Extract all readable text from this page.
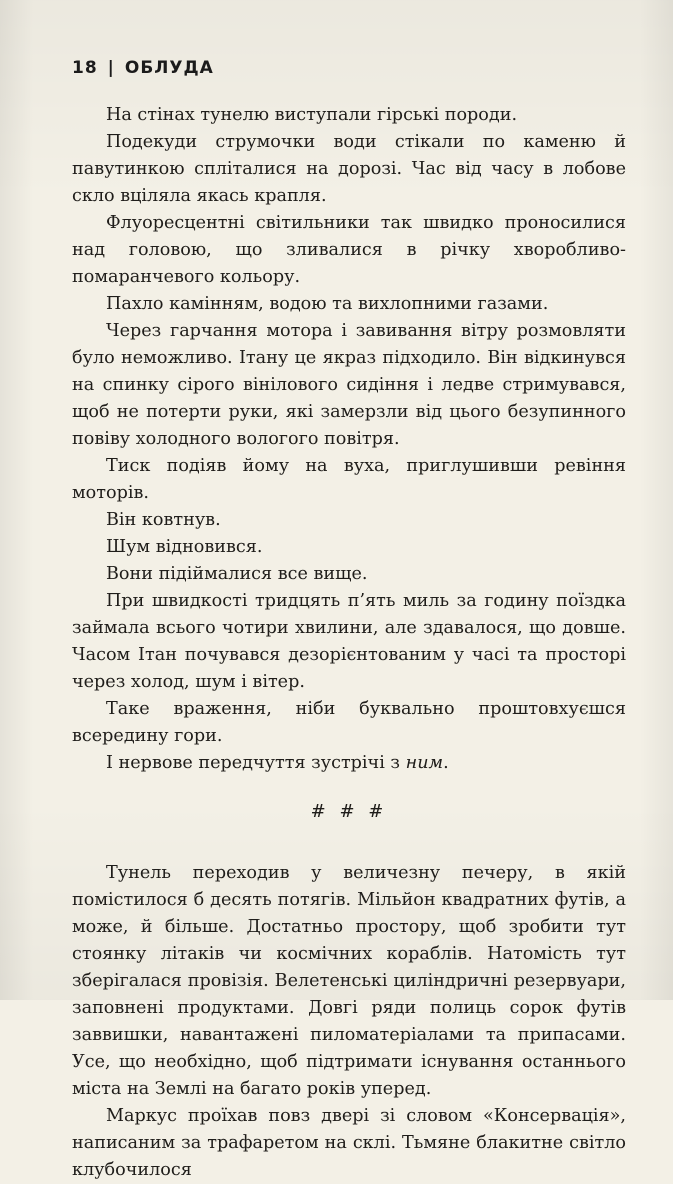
18 | ОБЛУДА

На стінах тунелю виступали гірські породи.

Подекуди струмочки води стікали по каменю й павутинкою спліталися на дорозі. Час від часу в лобове скло вціляла якась крапля.

Флуоресцентні світильники так швидко проносилися над головою, що зливалися в річку хворобливо-помаранчевого кольору.

Пахло камінням, водою та вихлопними газами.

Через гарчання мотора і завивання вітру розмовляти було неможливо. Ітану це якраз підходило. Він відкинувся на спинку сірого вінілового сидіння і ледве стримувався, щоб не потерти руки, які замерзли від цього безупинного повіву холодного вологого повітря.

Тиск подіяв йому на вуха, приглушивши ревіння моторів.

Він ковтнув.

Шум відновився.

Вони підіймалися все вище.

При швидкості тридцять п’ять миль за годину поїздка займала всього чотири хвилини, але здавалося, що довше. Часом Ітан почувався дезорієнтованим у часі та просторі через холод, шум і вітер.

Таке враження, ніби буквально проштовхуєшся всередину гори.

І нервове передчуття зустрічі з ним.

# # #

Тунель переходив у величезну печеру, в якій помістилося б десять потягів. Мільйон квадратних футів, а може, й більше. Достатньо простору, щоб зробити тут стоянку літаків чи космічних кораблів. Натомість тут зберігалася провізія. Велетенські циліндричні резервуари, заповнені продуктами. Довгі ряди полиць сорок футів заввишки, навантажені пиломатеріалами та припасами. Усе, що необхідно, щоб підтримати існування останнього міста на Землі на багато років уперед.

Маркус проїхав повз двері зі словом «Консервація», написаним за трафаретом на склі. Тьмяне блакитне світло клубочилося
